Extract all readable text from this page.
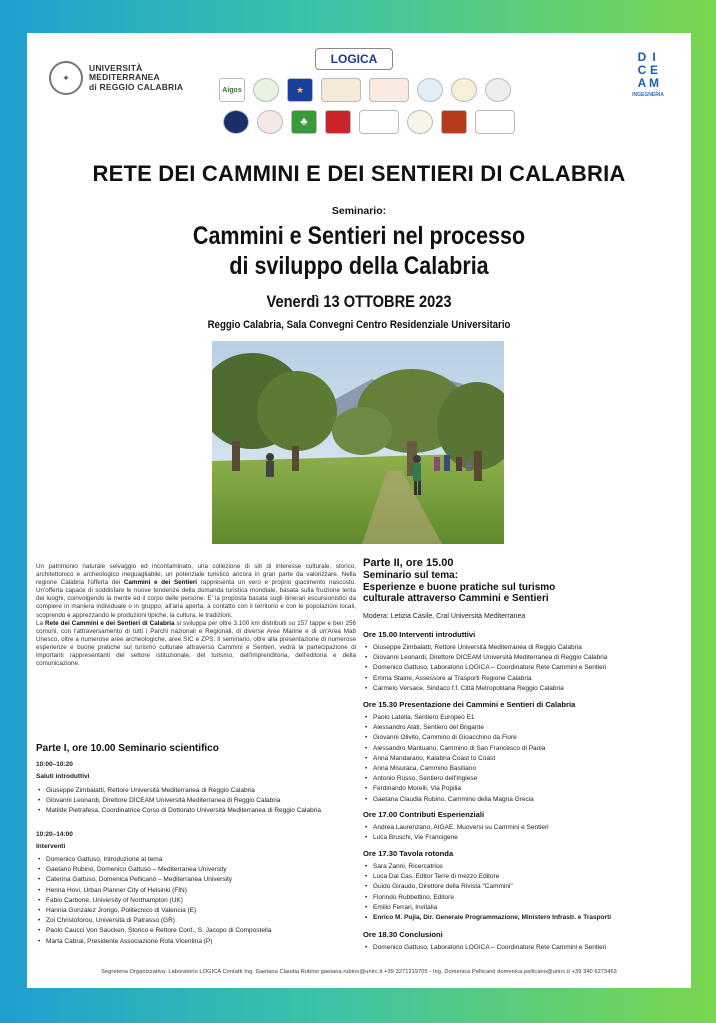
✦
UNIVERSITÀ
MEDITERRANEA
di REGGIO CALABRIA
LOGICA
Aigos	★
♣
D I
C E
A M
INGEGNERIA
RETE DEI CAMMINI E DEI SENTIERI DI CALABRIA
Seminario:
Cammini e Sentieri nel processo
di sviluppo della Calabria
Venerdì 13 OTTOBRE 2023
Reggio Calabria, Sala Convegni Centro Residenziale Universitario
Un patrimonio naturale selvaggio ed incontaminato, una collezione di siti di interesse culturale, storico, architettonico e archeologico ineguagliabile, un potenziale turistico ancora in gran parte da valorizzare. Nella regione Calabria l'offerta dei Cammini e dei Sentieri rappresenta un vero e proprio giacimento nascosto. Un'offerta capace di soddisfare le nuove tendenze della domanda turistica mondiale, basata sulla fruizione lenta dei luoghi, coinvolgendo la mente ed il corpo delle persone. E' la proposta basata sugli itinerari escursionistici da compiere in maniera individuale o in gruppo, all'aria aperta, a contatto con il territorio e con le popolazioni locali, scoprendo e apprezzando le produzioni tipiche, la cultura, le tradizioni.
La Rete dei Cammini e dei Sentieri di Calabria si sviluppa per oltre 3.100 km distribuiti su 157 tappe e ben 256 comuni, con l'attraversamento di tutti i Parchi nazionali e Regionali, di diverse Aree Marine e di un'Area Mab Unesco, oltre a numerose aree archeologiche, aree SIC e ZPS. Il seminario, oltre alla presentazione di numerose esperienze e buone pratiche sul turismo culturale attraverso Cammini e Sentieri, vedrà la partecipazione di importanti rappresentanti del settore istituzionale, del turismo, dell'imprenditoria, dell'editoria e della comunicazione.
Parte I, ore 10.00 Seminario scientifico
10:00–10:20
Saluti introduttivi
• Giuseppe Zimbalatti, Rettore Università Mediterranea di Reggio Calabria
• Giovanni Leonardi, Direttore DICEAM Università Mediterranea di Reggio Calabria
• Matilde Pietrafesa, Coordinatrice Corso di Dottorato Università Mediterranea di Reggio Calabria
10:20–14:00
Interventi
• Domenico Gattuso, Introduzione al tema
• Gaetano Rubino, Domenico Gattuso – Mediterranea University
• Caterina Gattuso, Domenica Pellicanò – Mediterranea University
• Henna Hovi, Urban Planner City of Helsinki (FIN)
• Fabio Carbone, University of Northampton (UK)
• Hannia Gonzalez Jrongo, Politecnico di Valencia (E)
• Zoi Christoforou, Università di Patrasso (GR)
• Paolo Caucci Von Saucken, Storico e Rettore Conf., S. Jacopo di Compostella
• Marta Cabral, Presidente Associazione Rota Vicentina (P)
Parte II, ore 15.00
Seminario sul tema:
Esperienze e buone pratiche sul turismo
culturale attraverso Cammini e Sentieri
Modera: Letizia Casile, Cral Università Mediterranea
Ore 15.00 Interventi introduttivi
• Giuseppe Zimbalatti, Rettore Università Mediterranea di Reggio Calabria
• Giovanni Leonardi, Direttore DICEAM Università Mediterranea di Reggio Calabria
• Domenico Gattuso, Laboratorio LOGICA – Coordinatore Rete Cammini e Sentieri
• Emma Staine, Assessore ai Trasporti Regione Calabria
• Carmelo Versace, Sindaco f.f. Città Metropolitana Reggio Calabria
Ore 15.30 Presentazione dei Cammini e Sentieri di Calabria
• Paolo Latella, Sentiero Europeo E1
• Alessandro Alati, Sentiero del Brigante
• Giovanni Olivito, Cammino di Gioacchino da Fiore
• Alessandro Mantuano, Cammino di San Francesco di Paola
• Anna Mandarano, Kalabria Coast to Coast
• Anna Misuraca, Cammino Basiliano
• Antonio Russo, Sentiero dell'Inglese
• Ferdinando Morelli, Via Popilia
• Gaetana Claudia Rubino, Cammino della Magna Grecia
Ore 17.00 Contributi Esperienziali
• Andrea Laurenzano, AIGAE. Muoversi su Cammini e Sentieri
• Luca Bruschi, Vie Francigene
Ore 17.30 Tavola rotonda
• Sara Zanni, Ricercatrice
• Luca Dal Cas, Editor Terre di mezzo Editore
• Guido Giraudo, Direttore della Rivista "Cammini"
• Florindo Rubbettino, Editore
• Emilio Ferrari, Invitalia
• Enrico M. Pujia, Dir. Generale Programmazione, Ministero Infrastr. e Trasporti
Ore 18.30 Conclusioni
• Domenico Gattuso, Laboratorio LOGICA – Coordinatore Rete Cammini e Sentieri
Segreteria Organizzativa: Laboratorio LOGICA Contatti Ing. Gaetana Claudia Rubino gaetana.rubino@unirc.it +39 3271219705 - Ing. Domenica Pellicanò domenica.pellicano@unirc.it +39 340 6273463
